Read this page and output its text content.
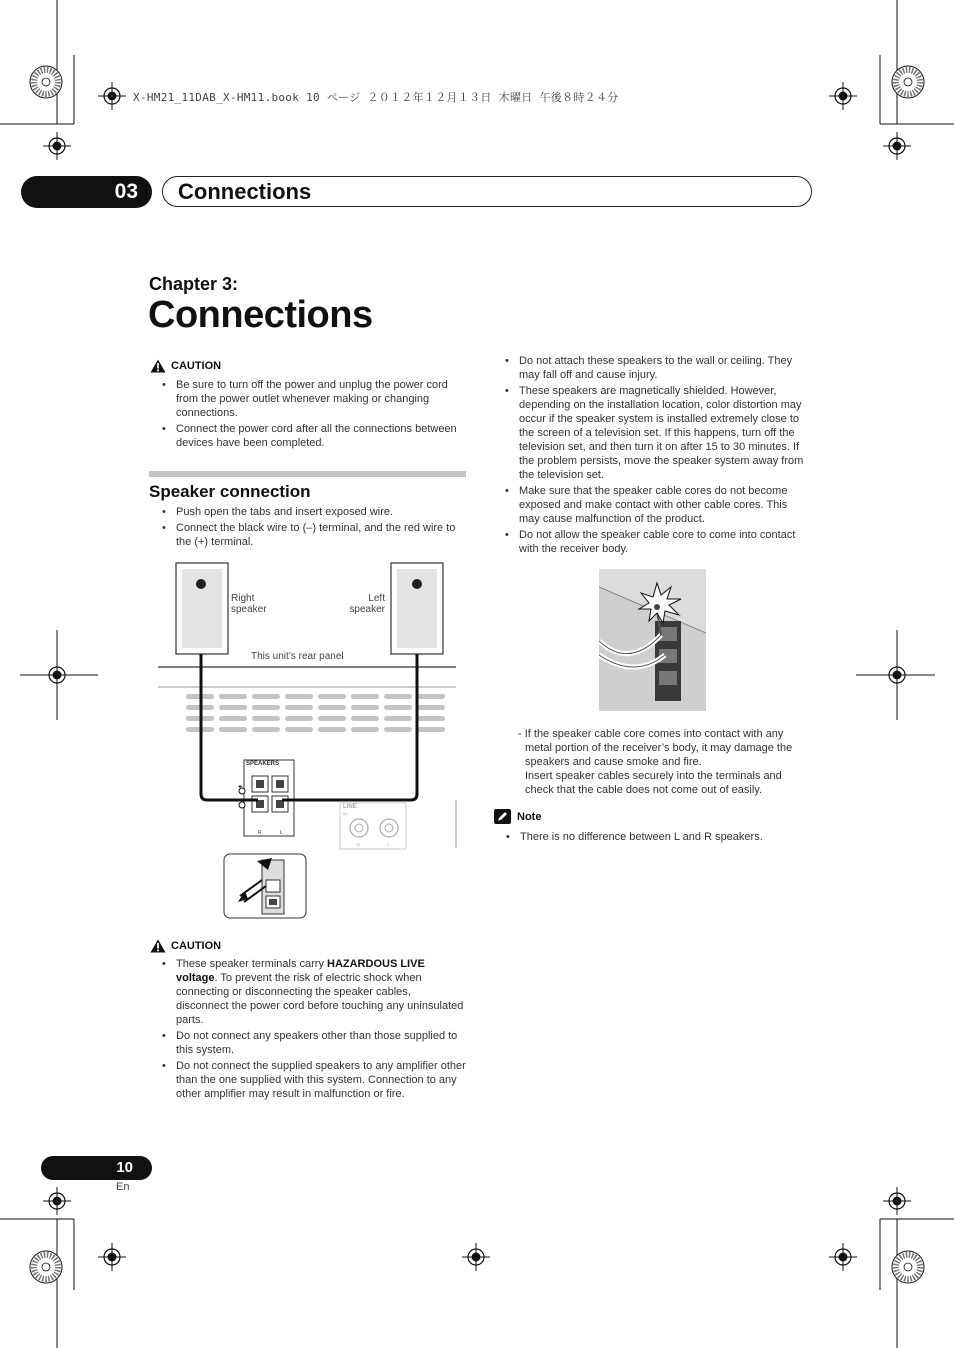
X-HM21_11DAB_X-HM11.book 10 ページ ２０１２年１２月１３日 木曜日 午後８時２４分
03	Connections
Chapter 3:
Connections
CAUTION
• Be sure to turn off the power and unplug the power cord from the power outlet whenever making or changing connections.
• Connect the power cord after all the connections between devices have been completed.
Speaker connection
• Push open the tabs and insert exposed wire.
• Connect the black wire to (–) terminal, and the red wire to the (+) terminal.
Right
speaker
Left
speaker
This unit’s rear panel
SPEAKERS
+
–
R	L
LINE
IN
R	L
CAUTION
• These speaker terminals carry HAZARDOUS LIVE voltage. To prevent the risk of electric shock when connecting or disconnecting the speaker cables, disconnect the power cord before touching any uninsulated parts.
• Do not connect any speakers other than those supplied to this system.
• Do not connect the supplied speakers to any amplifier other than the one supplied with this system. Connection to any other amplifier may result in malfunction or fire.
• Do not attach these speakers to the wall or ceiling. They may fall off and cause injury.
• These speakers are magnetically shielded. However, depending on the installation location, color distortion may occur if the speaker system is installed extremely close to the screen of a television set. If this happens, turn off the television set, and then turn it on after 15 to 30 minutes. If the problem persists, move the speaker system away from the television set.
• Make sure that the speaker cable cores do not become exposed and make contact with other cable cores. This may cause malfunction of the product.
• Do not allow the speaker cable core to come into contact with the receiver body.
- If the speaker cable core comes into contact with any metal portion of the receiver’s body, it may damage the speakers and cause smoke and fire.
Insert speaker cables securely into the terminals and check that the cable does not come out of easily.
Note
• There is no difference between L and R speakers.
10
En
